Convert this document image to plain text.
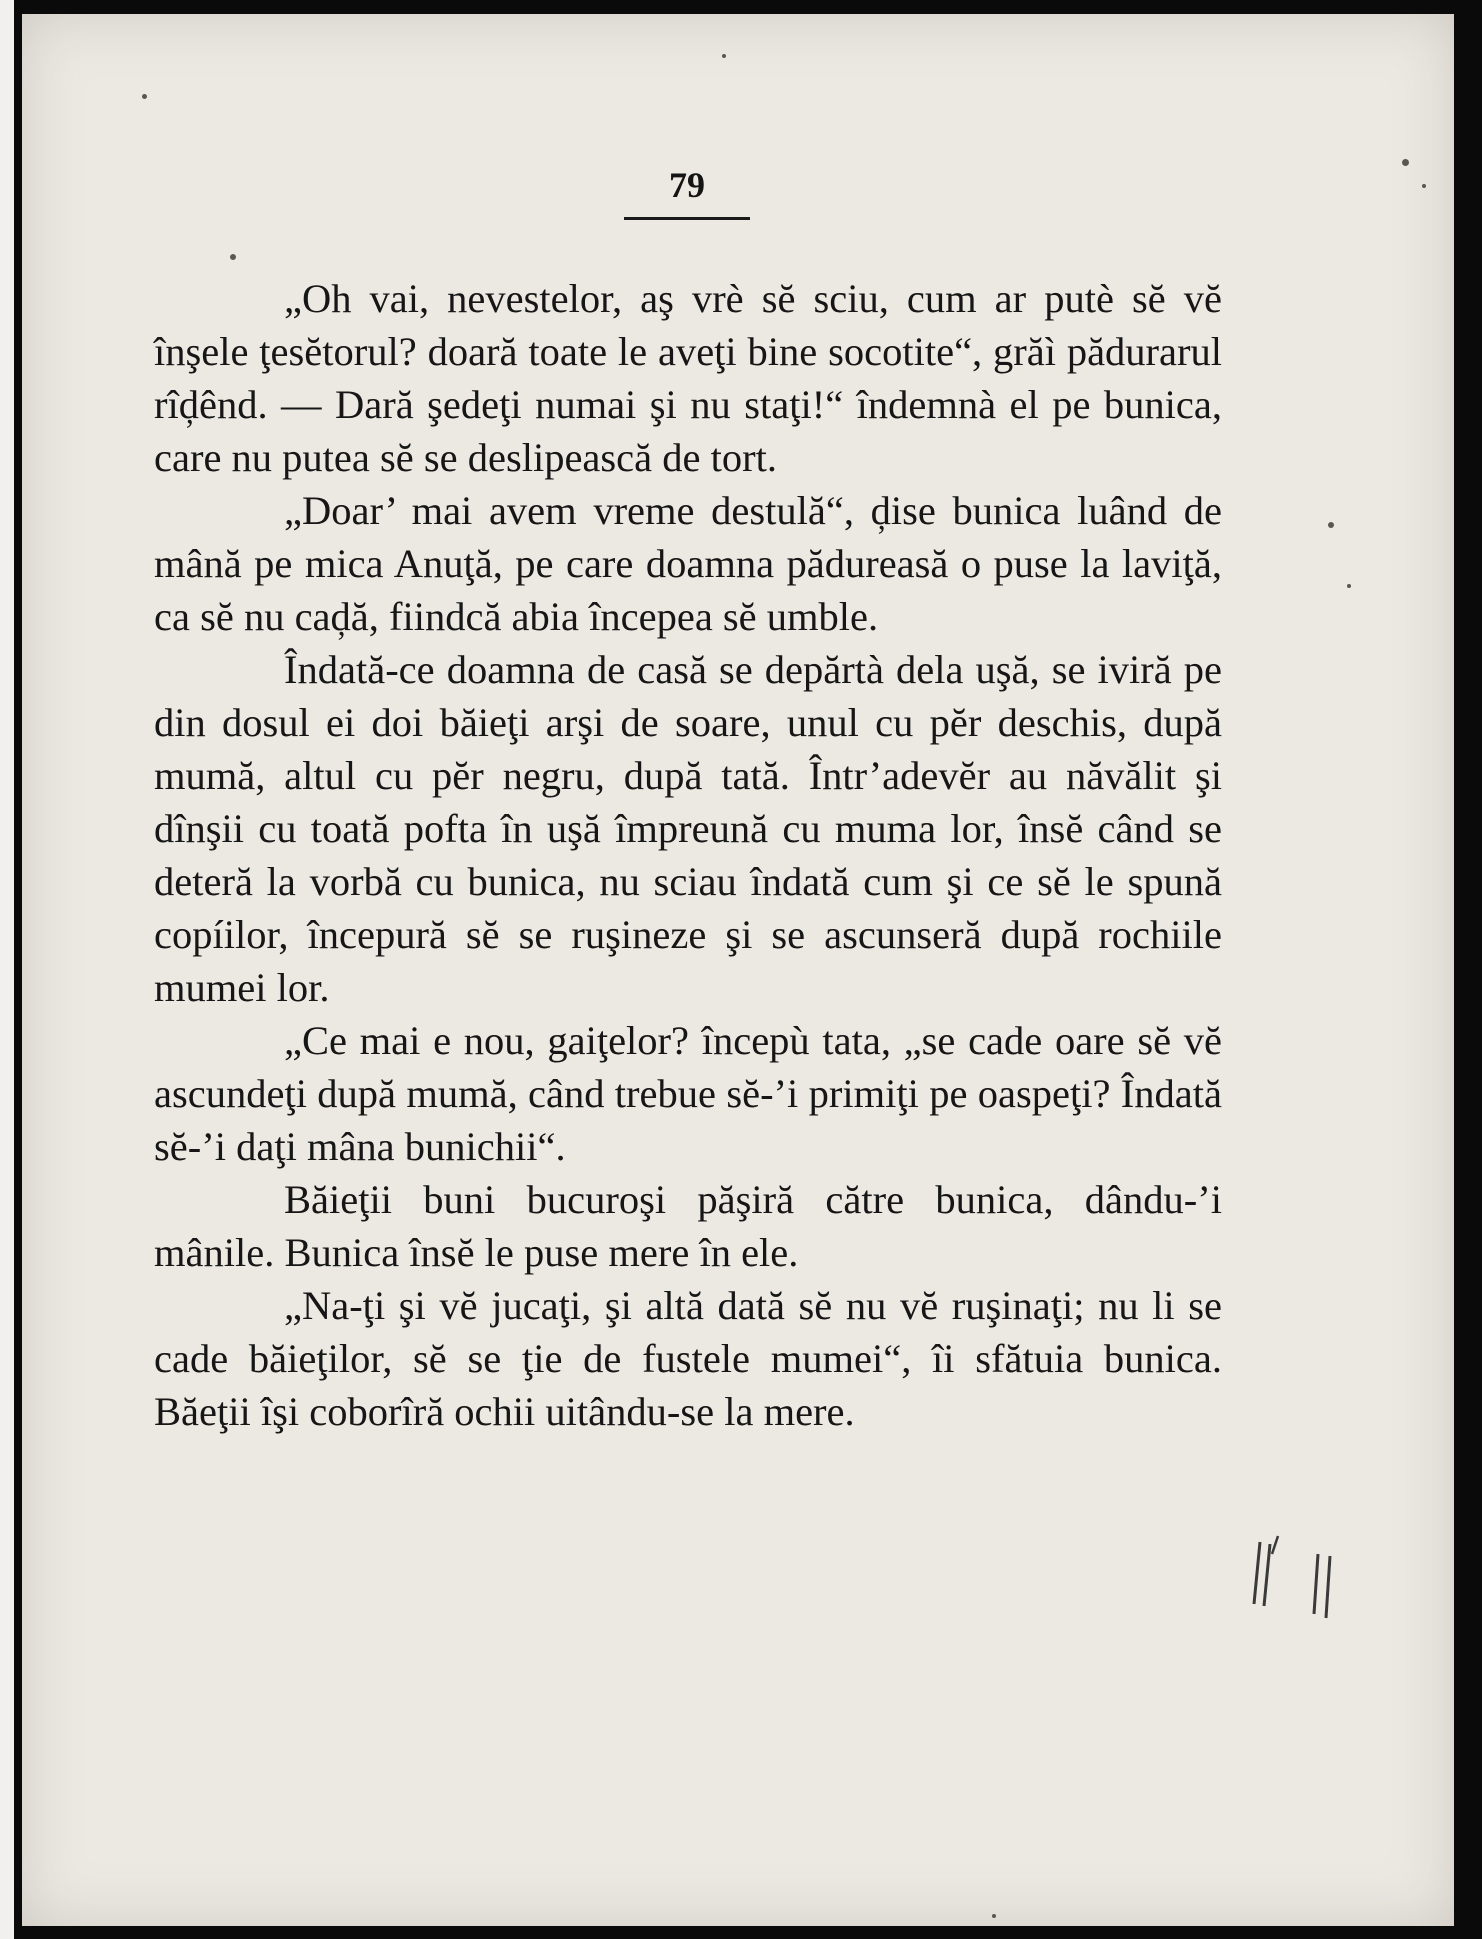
79

„Oh vai, nevestelor, aş vrè sĕ sciu, cum ar putè sĕ vĕ înşele ţesĕtorul? doară toate le aveţi bine socotite“, grăì pădurarul rîḑênd. — Dară şedeţi numai şi nu staţi!“ îndemnà el pe bunica, care nu putea sĕ se deslipească de tort.

„Doar’ mai avem vreme destulă“, ḑise bunica luând de mână pe mica Anuţă, pe care doamna pădureasă o puse la laviţă, ca sĕ nu caḑă, fiindcă abia începea sĕ umble.

Îndată-ce doamna de casă se depărtà dela uşă, se iviră pe din dosul ei doi băieţi arşi de soare, unul cu pĕr deschis, după mumă, altul cu pĕr negru, după tată. Într’adevĕr au năvălit şi dînşii cu toată pofta în uşă împreună cu muma lor, însĕ când se deteră la vorbă cu bunica, nu sciau îndată cum şi ce sĕ le spună copíilor, începură sĕ se ruşineze şi se ascunseră după rochiile mumei lor.

„Ce mai e nou, gaiţelor? începù tata, „se cade oare sĕ vĕ ascundeţi după mumă, când trebue sĕ-’i primiţi pe oaspeţi? Îndată sĕ-’i daţi mâna bunichii“.

Băieţii buni bucuroşi păşiră către bunica, dându-’i mânile. Bunica însĕ le puse mere în ele.

„Na-ţi şi vĕ jucaţi, şi altă dată sĕ nu vĕ ruşinaţi; nu li se cade băieţilor, sĕ se ţie de fustele mumei“, îi sfătuia bunica. Băeţii îşi coborîră ochii uitându-se la mere.
